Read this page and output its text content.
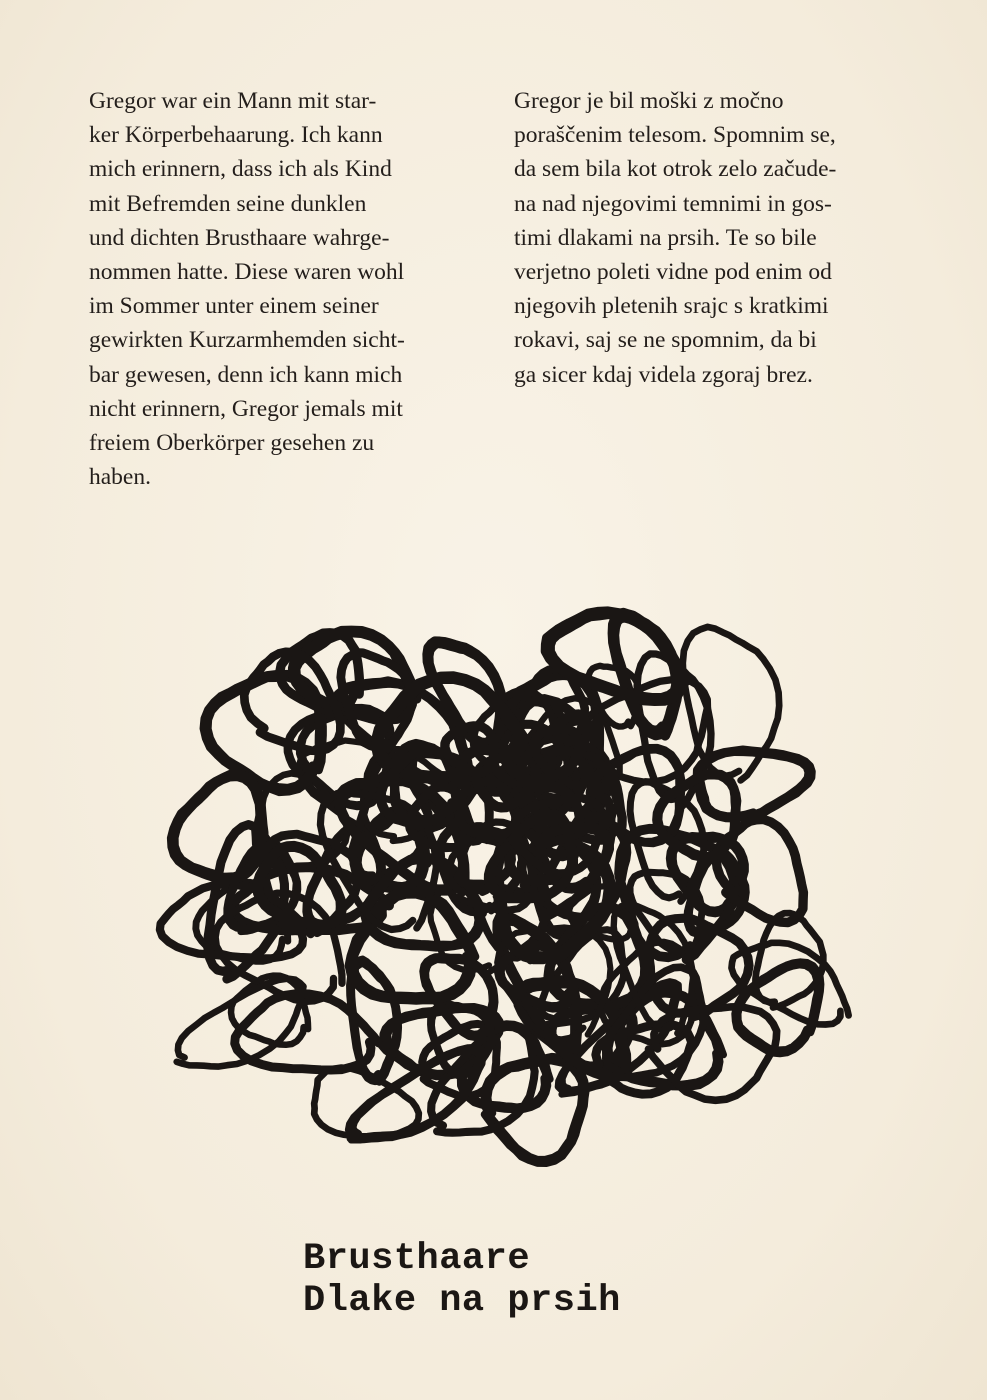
Gregor war ein Mann mit star-
ker Körperbehaarung. Ich kann
mich erinnern, dass ich als Kind
mit Befremden seine dunklen
und dichten Brusthaare wahrge-
nommen hatte. Diese waren wohl
im Sommer unter einem seiner
gewirkten Kurzarmhemden sicht-
bar gewesen, denn ich kann mich
nicht erinnern, Gregor jemals mit
freiem Oberkörper gesehen zu
haben.
Gregor je bil moški z močno
poraščenim telesom. Spomnim se,
da sem bila kot otrok zelo začude-
na nad njegovimi temnimi in gos-
timi dlakami na prsih. Te so bile
verjetno poleti vidne pod enim od
njegovih pletenih srajc s kratkimi
rokavi, saj se ne spomnim, da bi
ga sicer kdaj videla zgoraj brez.
Brusthaare
Dlake na prsih
